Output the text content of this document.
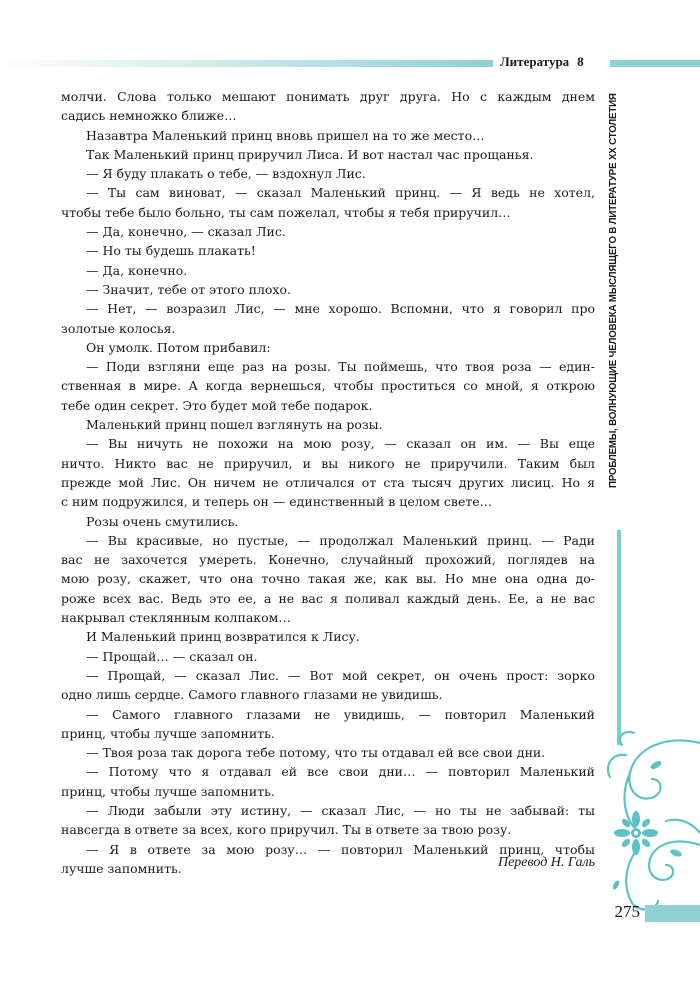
Литература 8
ПРОБЛЕМЫ, ВОЛНУЮЩИЕ ЧЕЛОВЕКА МЫСЛЯЩЕГО В ЛИТЕРАТУРЕ XX СТОЛЕТИЯ
молчи. Слова только мешают понимать друг друга. Но с каждым днем
садись немножко ближе…
Назавтра Маленький принц вновь пришел на то же место…
Так Маленький принц приручил Лиса. И вот настал час прощанья.
— Я буду плакать о тебе, — вздохнул Лис.
— Ты сам виноват, — сказал Маленький принц. — Я ведь не хотел,
чтобы тебе было больно, ты сам пожелал, чтобы я тебя приручил…
— Да, конечно, — сказал Лис.
— Но ты будешь плакать!
— Да, конечно.
— Значит, тебе от этого плохо.
— Нет, — возразил Лис, — мне хорошо. Вспомни, что я говорил про
золотые колосья.
Он умолк. Потом прибавил:
— Поди взгляни еще раз на розы. Ты поймешь, что твоя роза — един-
ственная в мире. А когда вернешься, чтобы проститься со мной, я открою
тебе один секрет. Это будет мой тебе подарок.
Маленький принц пошел взглянуть на розы.
— Вы ничуть не похожи на мою розу, — сказал он им. — Вы еще
ничто. Никто вас не приручил, и вы никого не приручили. Таким был
прежде мой Лис. Он ничем не отличался от ста тысяч других лисиц. Но я
с ним подружился, и теперь он — единственный в целом свете…
Розы очень смутились.
— Вы красивые, но пустые, — продолжал Маленький принц. — Ради
вас не захочется умереть. Конечно, случайный прохожий, поглядев на
мою розу, скажет, что она точно такая же, как вы. Но мне она одна до-
роже всех вас. Ведь это ее, а не вас я поливал каждый день. Ее, а не вас
накрывал стеклянным колпаком…
И Маленький принц возвратился к Лису.
— Прощай… — сказал он.
— Прощай, — сказал Лис. — Вот мой секрет, он очень прост: зорко
одно лишь сердце. Самого главного глазами не увидишь.
— Самого главного глазами не увидишь, — повторил Маленький
принц, чтобы лучше запомнить.
— Твоя роза так дорога тебе потому, что ты отдавал ей все свои дни.
— Потому что я отдавал ей все свои дни… — повторил Маленький
принц, чтобы лучше запомнить.
— Люди забыли эту истину, — сказал Лис, — но ты не забывай: ты
навсегда в ответе за всех, кого приручил. Ты в ответе за твою розу.
— Я в ответе за мою розу… — повторил Маленький принц, чтобы
лучше запомнить.	Перевод Н. Галь
275
